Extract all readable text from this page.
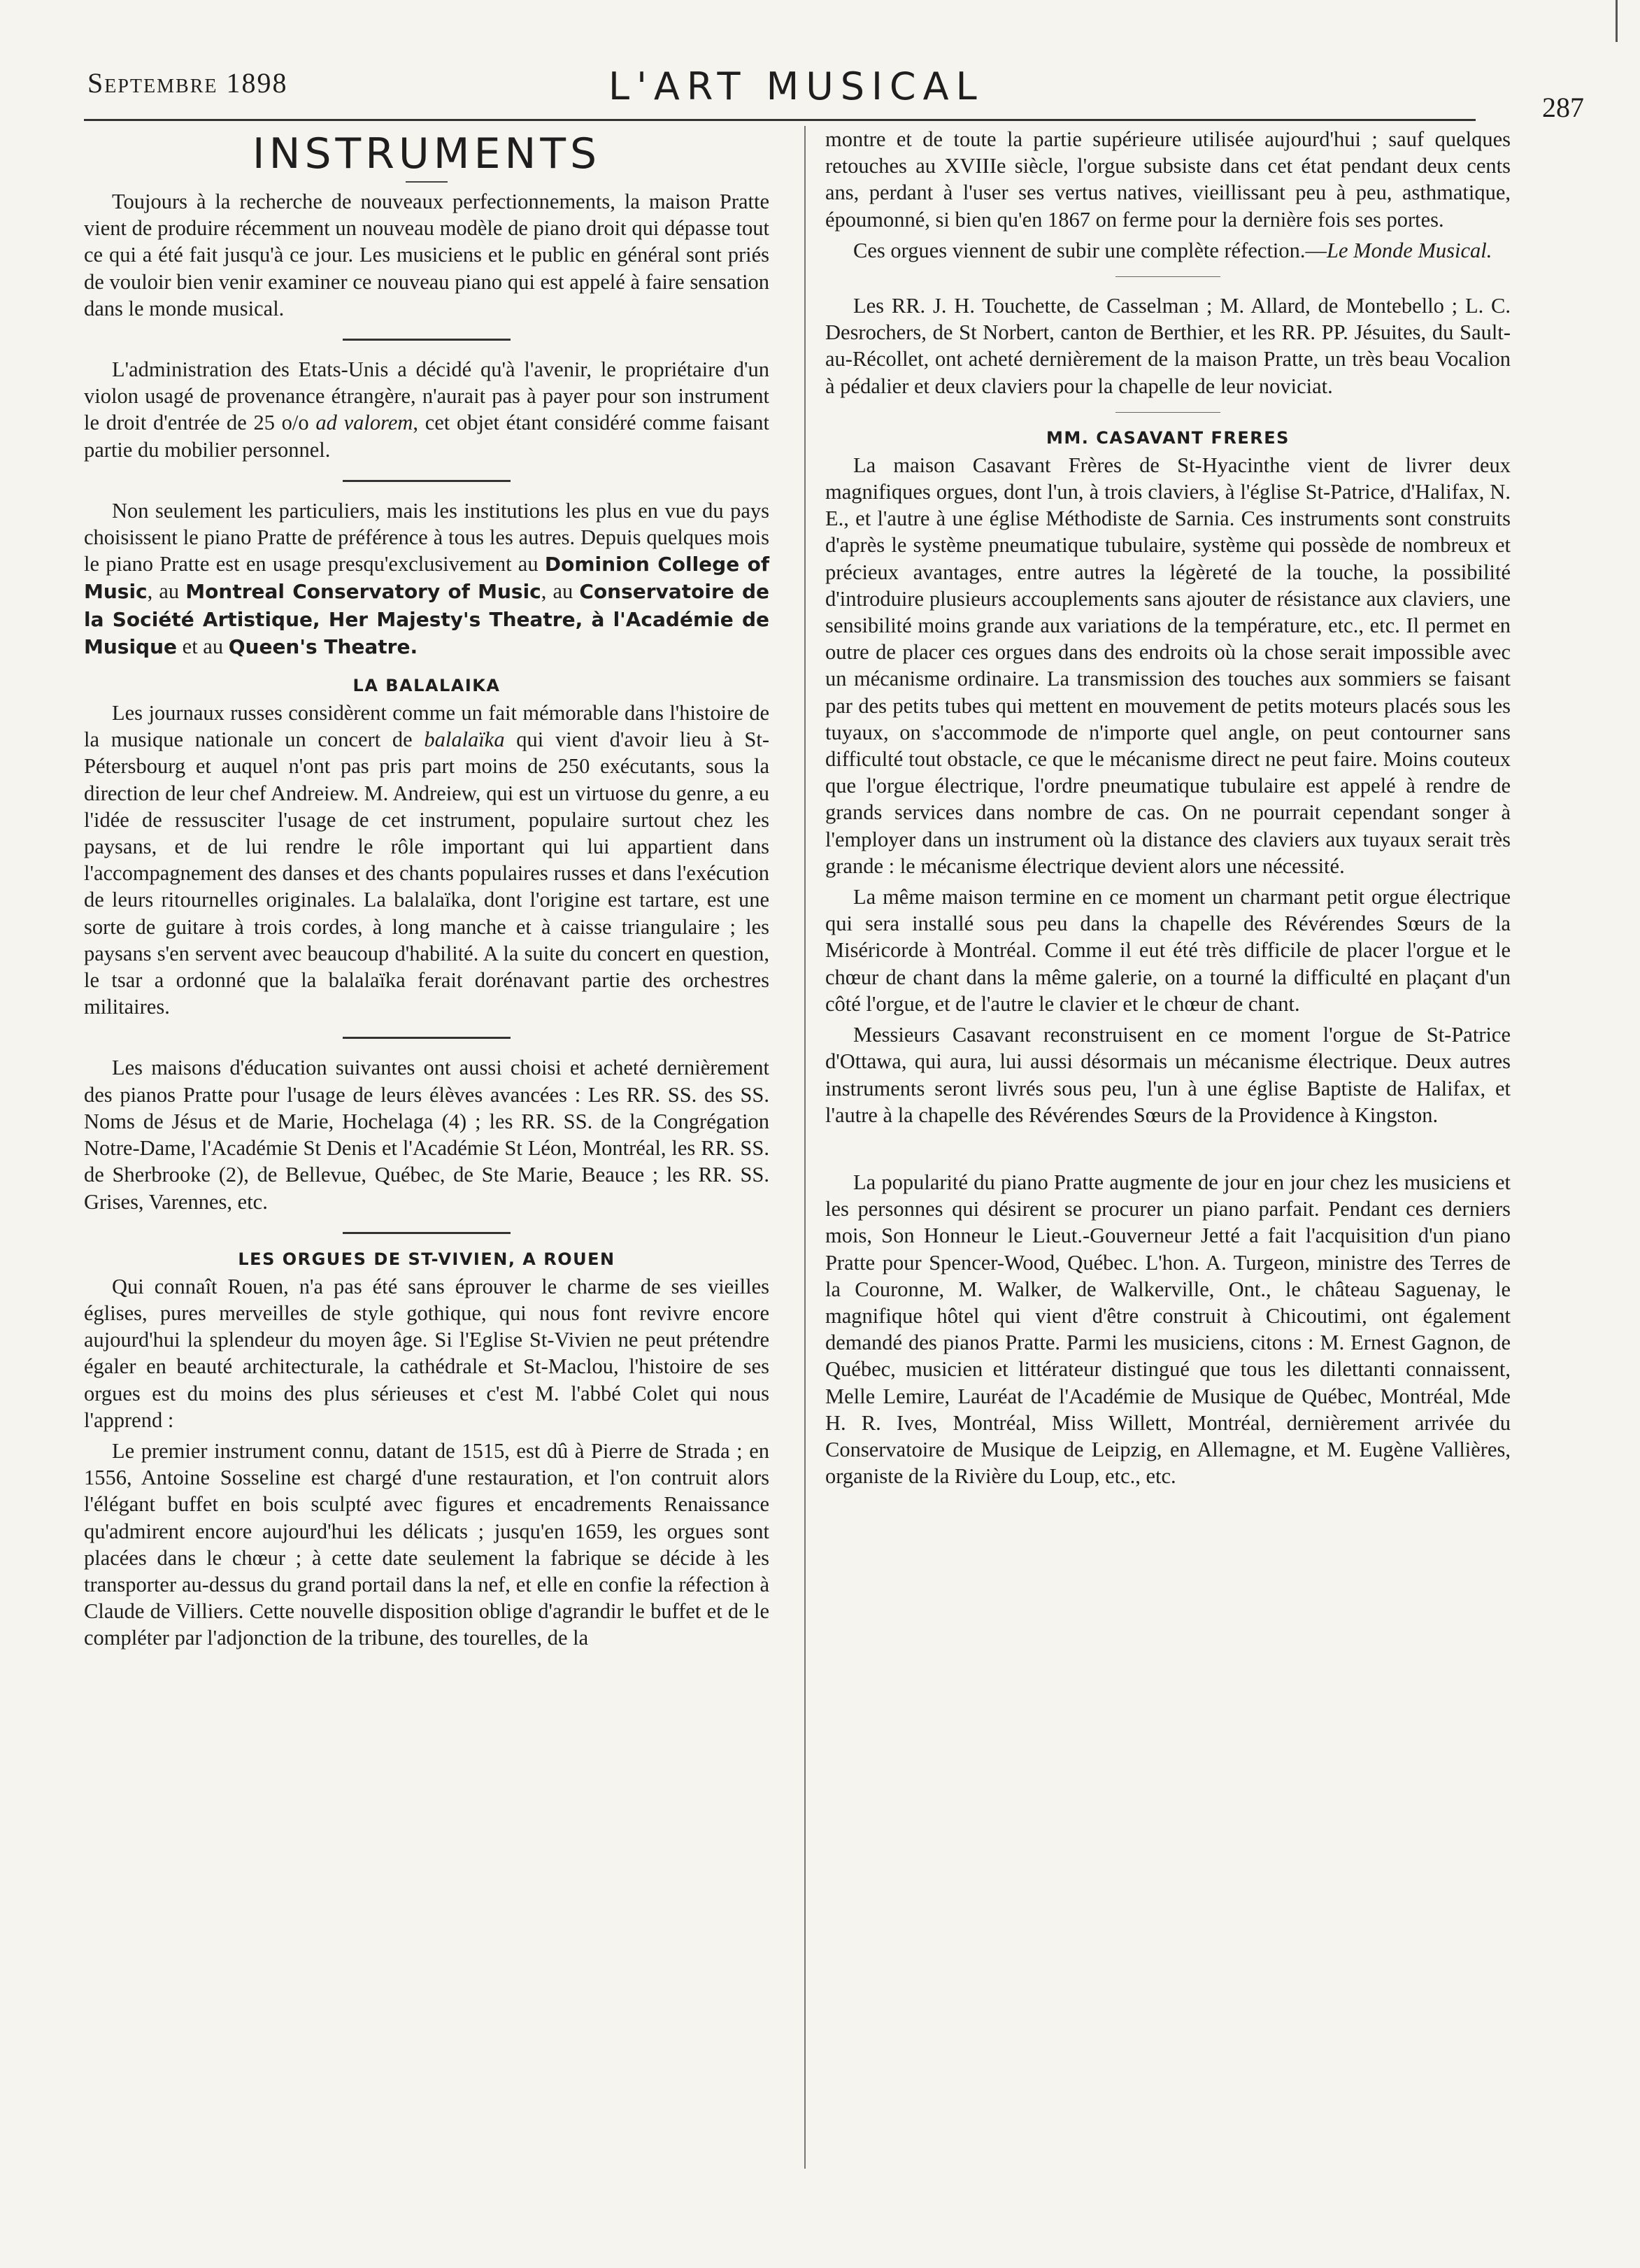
Septembre 1898	L'ART MUSICAL	287
INSTRUMENTS

Toujours à la recherche de nouveaux perfectionnements, la maison Pratte vient de produire récemment un nouveau modèle de piano droit qui dépasse tout ce qui a été fait jusqu'à ce jour. Les musiciens et le public en général sont priés de vouloir bien venir examiner ce nouveau piano qui est appelé à faire sensation dans le monde musical.

L'administration des Etats-Unis a décidé qu'à l'avenir, le propriétaire d'un violon usagé de provenance étrangère, n'aurait pas à payer pour son instrument le droit d'entrée de 25 o/o ad valorem, cet objet étant considéré comme faisant partie du mobilier personnel.

Non seulement les particuliers, mais les institutions les plus en vue du pays choisissent le piano Pratte de préférence à tous les autres. Depuis quelques mois le piano Pratte est en usage presqu'exclusivement au Dominion College of Music, au Montreal Conservatory of Music, au Conservatoire de la Société Artistique, Her Majesty's Theatre, à l'Académie de Musique et au Queen's Theatre.

LA BALALAIKA

Les journaux russes considèrent comme un fait mémorable dans l'histoire de la musique nationale un concert de balalaïka qui vient d'avoir lieu à St-Pétersbourg et auquel n'ont pas pris part moins de 250 exécutants, sous la direction de leur chef Andreiew. M. Andreiew, qui est un virtuose du genre, a eu l'idée de ressusciter l'usage de cet instrument, populaire surtout chez les paysans, et de lui rendre le rôle important qui lui appartient dans l'accompagnement des danses et des chants populaires russes et dans l'exécution de leurs ritournelles originales. La balalaïka, dont l'origine est tartare, est une sorte de guitare à trois cordes, à long manche et à caisse triangulaire ; les paysans s'en servent avec beaucoup d'habilité. A la suite du concert en question, le tsar a ordonné que la balalaïka ferait dorénavant partie des orchestres militaires.

Les maisons d'éducation suivantes ont aussi choisi et acheté dernièrement des pianos Pratte pour l'usage de leurs élèves avancées : Les RR. SS. des SS. Noms de Jésus et de Marie, Hochelaga (4) ; les RR. SS. de la Congrégation Notre-Dame, l'Académie St Denis et l'Académie St Léon, Montréal, les RR. SS. de Sherbrooke (2), de Bellevue, Québec, de Ste Marie, Beauce ; les RR. SS. Grises, Varennes, etc.

LES ORGUES DE ST-VIVIEN, A ROUEN

Qui connaît Rouen, n'a pas été sans éprouver le charme de ses vieilles églises, pures merveilles de style gothique, qui nous font revivre encore aujourd'hui la splendeur du moyen âge. Si l'Eglise St-Vivien ne peut prétendre égaler en beauté architecturale, la cathédrale et St-Maclou, l'histoire de ses orgues est du moins des plus sérieuses et c'est M. l'abbé Colet qui nous l'apprend :

Le premier instrument connu, datant de 1515, est dû à Pierre de Strada ; en 1556, Antoine Sosseline est chargé d'une restauration, et l'on contruit alors l'élégant buffet en bois sculpté avec figures et encadrements Renaissance qu'admirent encore aujourd'hui les délicats ; jusqu'en 1659, les orgues sont placées dans le chœur ; à cette date seulement la fabrique se décide à les transporter au-dessus du grand portail dans la nef, et elle en confie la réfection à Claude de Villiers. Cette nouvelle disposition oblige d'agrandir le buffet et de le compléter par l'adjonction de la tribune, des tourelles, de la

montre et de toute la partie supérieure utilisée aujourd'hui ; sauf quelques retouches au XVIIIe siècle, l'orgue subsiste dans cet état pendant deux cents ans, perdant à l'user ses vertus natives, vieillissant peu à peu, asthmatique, époumonné, si bien qu'en 1867 on ferme pour la dernière fois ses portes.

Ces orgues viennent de subir une complète réfection.—Le Monde Musical.

Les RR. J. H. Touchette, de Casselman ; M. Allard, de Montebello ; L. C. Desrochers, de St Norbert, canton de Berthier, et les RR. PP. Jésuites, du Sault-au-Récollet, ont acheté dernièrement de la maison Pratte, un très beau Vocalion à pédalier et deux claviers pour la chapelle de leur noviciat.

MM. CASAVANT FRERES

La maison Casavant Frères de St-Hyacinthe vient de livrer deux magnifiques orgues, dont l'un, à trois claviers, à l'église St-Patrice, d'Halifax, N. E., et l'autre à une église Méthodiste de Sarnia. Ces instruments sont construits d'après le système pneumatique tubulaire, système qui possède de nombreux et précieux avantages, entre autres la légèreté de la touche, la possibilité d'introduire plusieurs accouplements sans ajouter de résistance aux claviers, une sensibilité moins grande aux variations de la température, etc., etc. Il permet en outre de placer ces orgues dans des endroits où la chose serait impossible avec un mécanisme ordinaire. La transmission des touches aux sommiers se faisant par des petits tubes qui mettent en mouvement de petits moteurs placés sous les tuyaux, on s'accommode de n'importe quel angle, on peut contourner sans difficulté tout obstacle, ce que le mécanisme direct ne peut faire. Moins couteux que l'orgue électrique, l'ordre pneumatique tubulaire est appelé à rendre de grands services dans nombre de cas. On ne pourrait cependant songer à l'employer dans un instrument où la distance des claviers aux tuyaux serait très grande : le mécanisme électrique devient alors une nécessité.

La même maison termine en ce moment un charmant petit orgue électrique qui sera installé sous peu dans la chapelle des Révérendes Sœurs de la Miséricorde à Montréal. Comme il eut été très difficile de placer l'orgue et le chœur de chant dans la même galerie, on a tourné la difficulté en plaçant d'un côté l'orgue, et de l'autre le clavier et le chœur de chant.

Messieurs Casavant reconstruisent en ce moment l'orgue de St-Patrice d'Ottawa, qui aura, lui aussi désormais un mécanisme électrique. Deux autres instruments seront livrés sous peu, l'un à une église Baptiste de Halifax, et l'autre à la chapelle des Révérendes Sœurs de la Providence à Kingston.

La popularité du piano Pratte augmente de jour en jour chez les musiciens et les personnes qui désirent se procurer un piano parfait. Pendant ces derniers mois, Son Honneur le Lieut.-Gouverneur Jetté a fait l'acquisition d'un piano Pratte pour Spencer-Wood, Québec. L'hon. A. Turgeon, ministre des Terres de la Couronne, M. Walker, de Walkerville, Ont., le château Saguenay, le magnifique hôtel qui vient d'être construit à Chicoutimi, ont également demandé des pianos Pratte. Parmi les musiciens, citons : M. Ernest Gagnon, de Québec, musicien et littérateur distingué que tous les dilettanti connaissent, Melle Lemire, Lauréat de l'Académie de Musique de Québec, Montréal, Mde H. R. Ives, Montréal, Miss Willett, Montréal, dernièrement arrivée du Conservatoire de Musique de Leipzig, en Allemagne, et M. Eugène Vallières, organiste de la Rivière du Loup, etc., etc.
